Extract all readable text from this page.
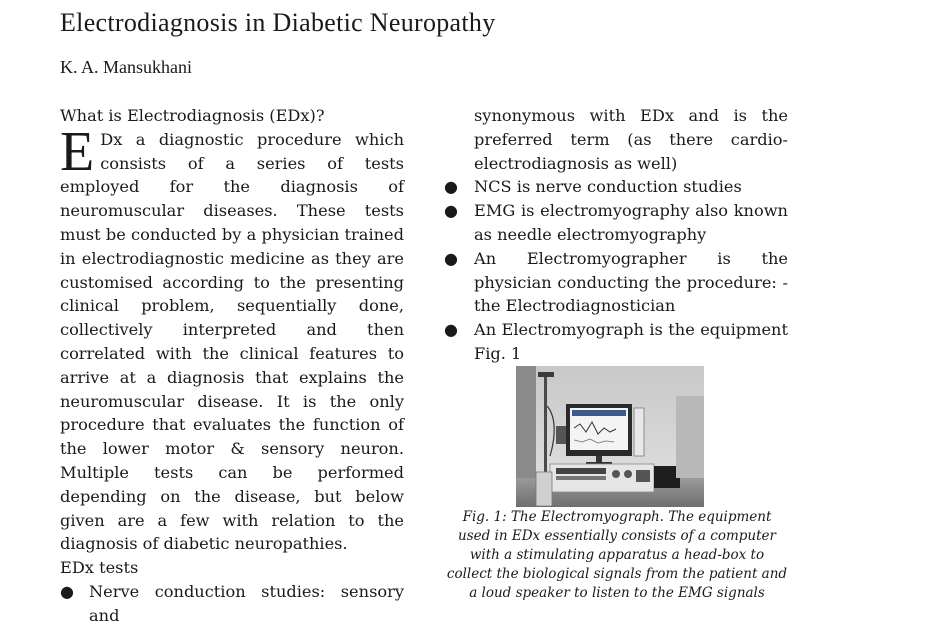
Electrodiagnosis in Diabetic Neuropathy
K. A. Mansukhani
What is Electrodiagnosis (EDx)?

E Dx a diagnostic procedure which consists of a series of tests employed for the diagnosis of neuromuscular diseases. These tests must be conducted by a physician trained in electrodiagnostic medicine as they are customised according to the presenting clinical problem, sequentially done, collectively interpreted and then correlated with the clinical features to arrive at a diagnosis that explains the neuromuscular disease. It is the only procedure that evaluates the function of the lower motor & sensory neuron. Multiple tests can be performed depending on the disease, but below given are a few with relation to the diagnosis of diabetic neuropathies.

EDx tests
● Nerve conduction studies: sensory and

synonymous with EDx and is the preferred term (as there cardio-electrodiagnosis as well)

● NCS is nerve conduction studies
● EMG is electromyography also known as needle electromyography
● An Electromyographer is the physician conducting the procedure: - the Electrodiagnostician
● An Electromyograph is the equipment Fig. 1
Fig. 1: The Electromyograph. The equipment used in EDx essentially consists of a computer with a stimulating apparatus a head-box to collect the biological signals from the patient and a loud speaker to listen to the EMG signals
